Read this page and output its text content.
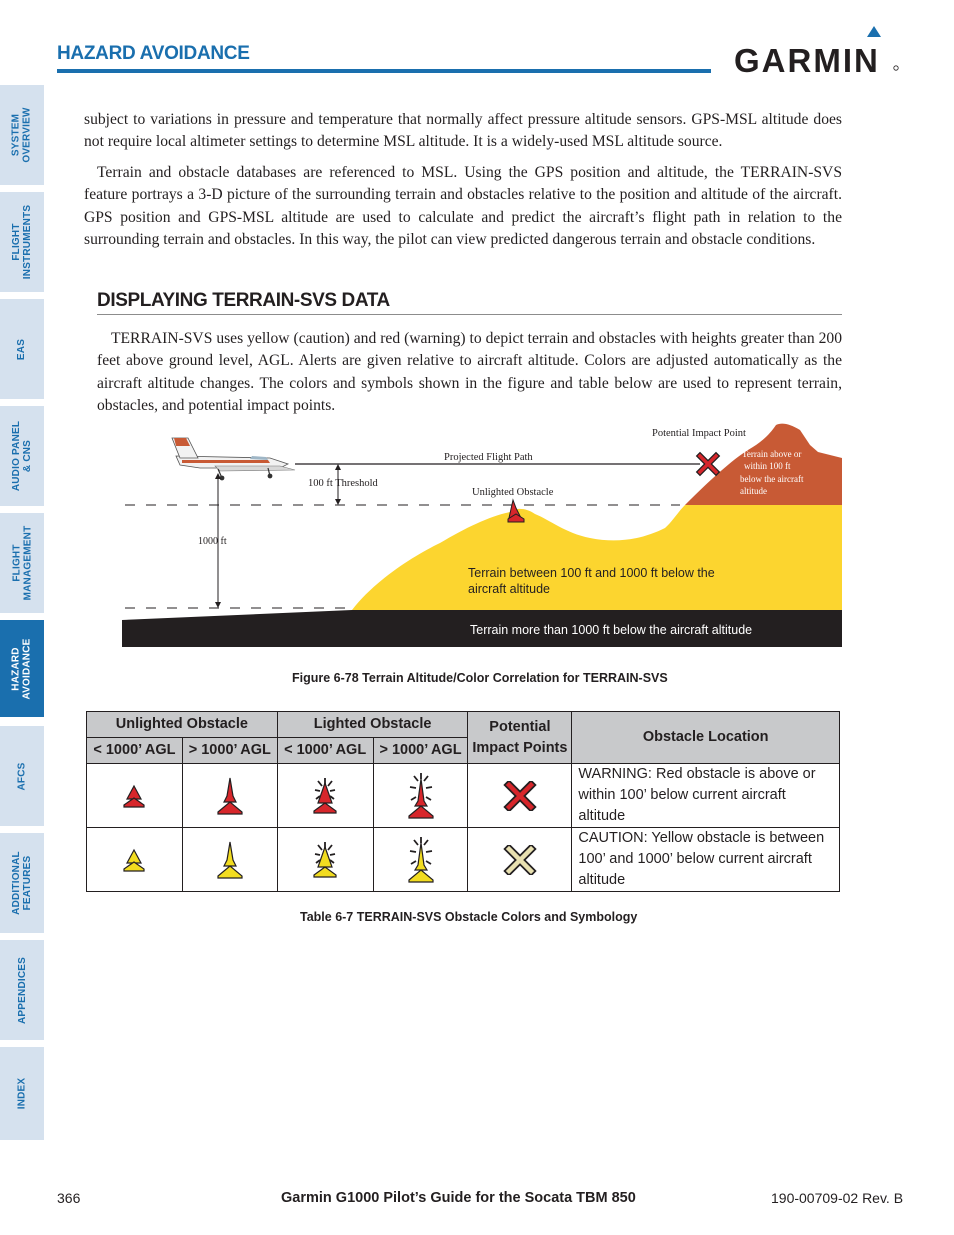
SYSTEM
OVERVIEW
FLIGHT
INSTRUMENTS
EAS
AUDIO PANEL
& CNS
FLIGHT
MANAGEMENT
HAZARD
AVOIDANCE
AFCS
ADDITIONAL
FEATURES
APPENDICES
INDEX
HAZARD AVOIDANCE	GARMIN

subject to variations in pressure and temperature that normally affect pressure altitude sensors. GPS-MSL altitude does not require local altimeter settings to determine MSL altitude. It is a widely-used MSL altitude source.

Terrain and obstacle databases are referenced to MSL. Using the GPS position and altitude, the TERRAIN-SVS feature portrays a 3-D picture of the surrounding terrain and obstacles relative to the position and altitude of the aircraft. GPS position and GPS-MSL altitude are used to calculate and predict the aircraft’s flight path in relation to the surrounding terrain and obstacles. In this way, the pilot can view predicted dangerous terrain and obstacle conditions.

DISPLAYING TERRAIN-SVS DATA

TERRAIN-SVS uses yellow (caution) and red (warning) to depict terrain and obstacles with heights greater than 200 feet above ground level, AGL. Alerts are given relative to aircraft altitude. Colors are adjusted automatically as the aircraft altitude changes. The colors and symbols shown in the figure and table below are used to represent terrain, obstacles, and potential impact points.

Potential Impact Point
Projected Flight Path
100 ft Threshold
Unlighted Obstacle
1000 ft
Terrain above or
within 100 ft
below the aircraft
altitude
Terrain between 100 ft and 1000 ft below the
aircraft altitude
Terrain more than 1000 ft below the aircraft altitude
Figure 6-78 Terrain Altitude/Color Correlation for TERRAIN-SVS
Unlighted Obstacle		Lighted Obstacle		Potential
Impact Points	Obstacle Location
< 1000’ AGL	> 1000’ AGL	< 1000’ AGL	> 1000’ AGL		
					WARNING: Red obstacle is above or within 100’ below current aircraft altitude
					CAUTION: Yellow obstacle is between 100’ and 1000’ below current aircraft altitude
Table 6-7 TERRAIN-SVS Obstacle Colors and Symbology
366	Garmin G1000 Pilot’s Guide for the Socata TBM 850	190-00709-02 Rev. B
